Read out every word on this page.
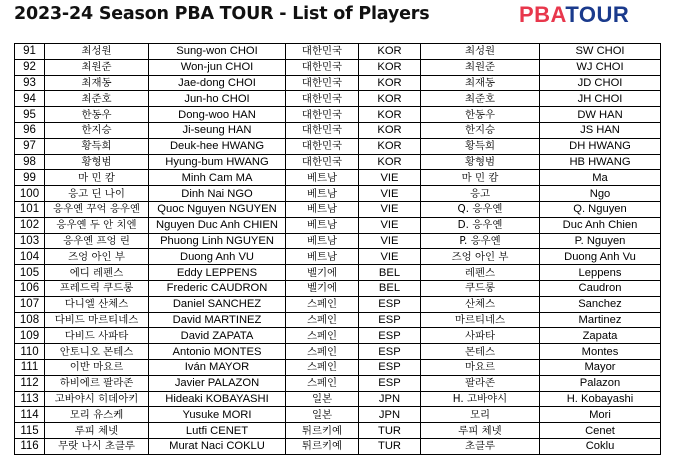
2023-24 Season PBA TOUR - List of Players	PBATOUR
91	최성원	Sung-won CHOI	대한민국	KOR	최성원	SW CHOI
92	최원준	Won-jun CHOI	대한민국	KOR	최원준	WJ CHOI
93	최재동	Jae-dong CHOI	대한민국	KOR	최재동	JD CHOI
94	최준호	Jun-ho CHOI	대한민국	KOR	최준호	JH CHOI
95	한동우	Dong-woo HAN	대한민국	KOR	한동우	DW HAN
96	한지승	Ji-seung HAN	대한민국	KOR	한지승	JS HAN
97	황득희	Deuk-hee HWANG	대한민국	KOR	황득희	DH HWANG
98	황형범	Hyung-bum HWANG	대한민국	KOR	황형범	HB HWANG
99	마 민 캄	Minh Cam MA	베트남	VIE	마 민 캄	Ma
100	응고 딘 나이	Dinh Nai NGO	베트남	VIE	응고	Ngo
101	응우옌 꾸억 응우옌	Quoc Nguyen NGUYEN	베트남	VIE	Q. 응우옌	Q. Nguyen
102	응우옌 두 안 치엔	Nguyen Duc Anh CHIEN	베트남	VIE	D. 응우옌	Duc Anh Chien
103	응우옌 프엉 린	Phuong Linh NGUYEN	베트남	VIE	P. 응우옌	P. Nguyen
104	즈엉 아인 부	Duong Anh VU	베트남	VIE	즈엉 아인 부	Duong Anh Vu
105	에디 레펜스	Eddy LEPPENS	벨기에	BEL	레펜스	Leppens
106	프레드릭 쿠드롱	Frederic CAUDRON	벨기에	BEL	쿠드롱	Caudron
107	다니엘 산체스	Daniel SANCHEZ	스페인	ESP	산체스	Sanchez
108	다비드 마르티네스	David MARTINEZ	스페인	ESP	마르티네스	Martinez
109	다비드 사파타	David ZAPATA	스페인	ESP	사파타	Zapata
110	안토니오 몬테스	Antonio MONTES	스페인	ESP	몬테스	Montes
111	이반 마요르	Iván MAYOR	스페인	ESP	마요르	Mayor
112	하비에르 팔라존	Javier PALAZON	스페인	ESP	팔라존	Palazon
113	고바야시 히데아키	Hideaki KOBAYASHI	일본	JPN	H. 고바야시	H. Kobayashi
114	모리 유스케	Yusuke MORI	일본	JPN	모리	Mori
115	루피 체넷	Lutfi CENET	튀르키예	TUR	루피 체넷	Cenet
116	무랏 나시 초클루	Murat Naci COKLU	튀르키예	TUR	초클루	Coklu
